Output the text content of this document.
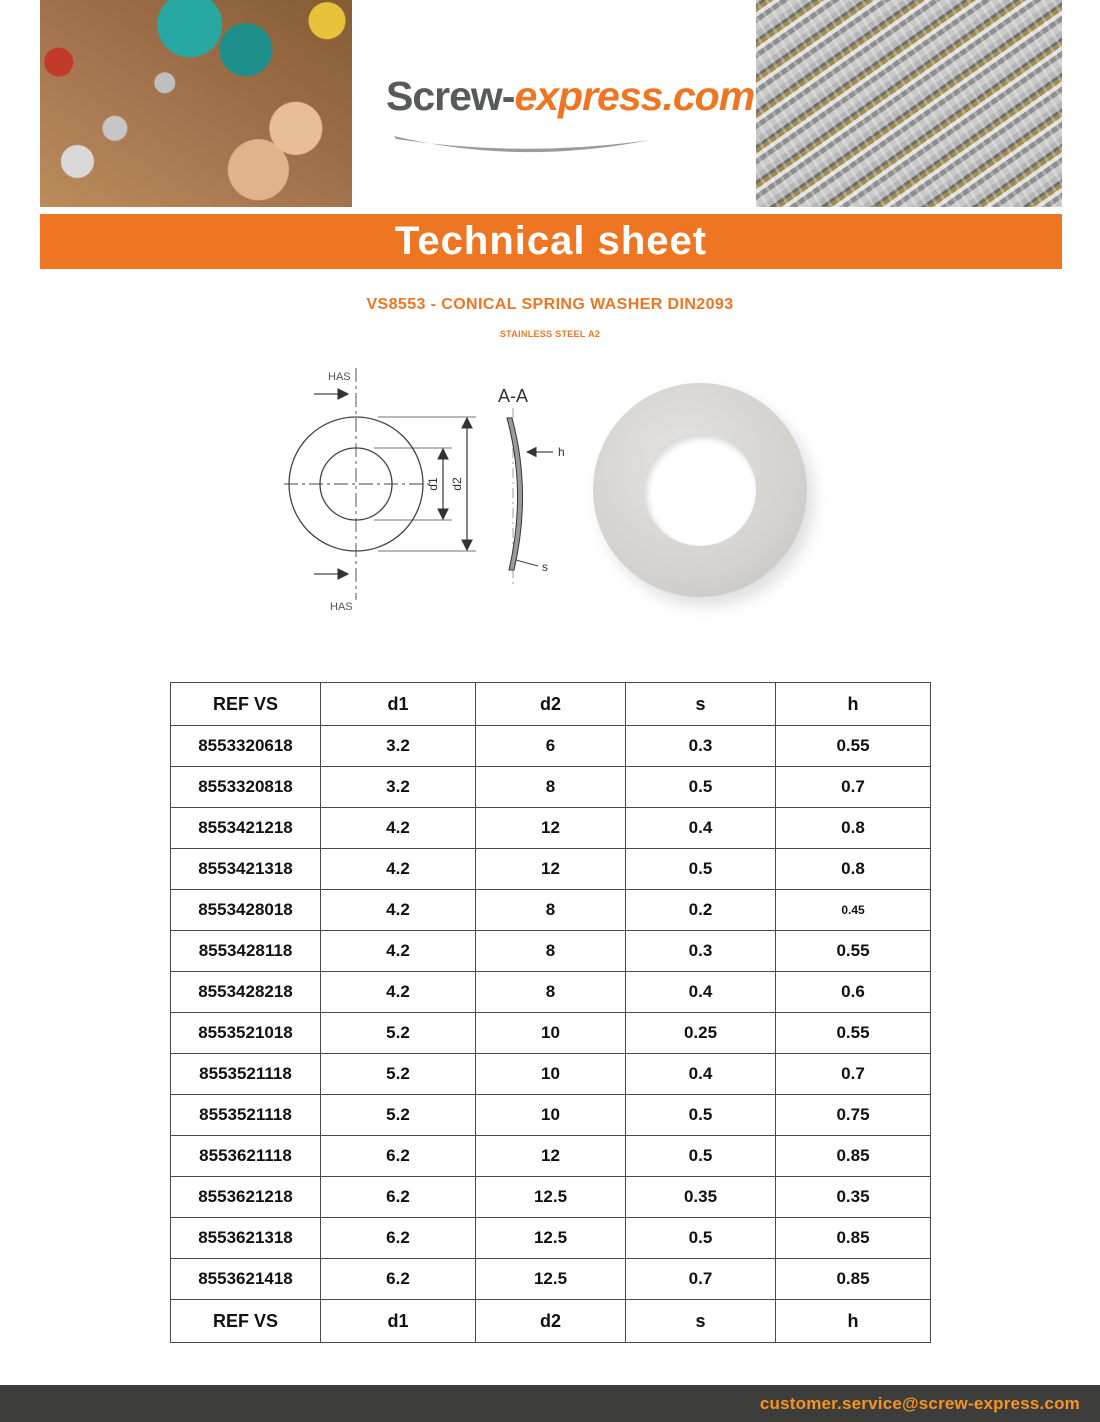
Screw-express.com
Technical sheet
VS8553 - CONICAL SPRING WASHER DIN2093
STAINLESS STEEL A2
HAS
HAS
A-A
d1 d2
h
s
REF VS	d1	d2	s	h
8553320618	3.2	6	0.3	0.55
8553320818	3.2	8	0.5	0.7
8553421218	4.2	12	0.4	0.8
8553421318	4.2	12	0.5	0.8
8553428018	4.2	8	0.2	0.45
8553428118	4.2	8	0.3	0.55
8553428218	4.2	8	0.4	0.6
8553521018	5.2	10	0.25	0.55
8553521118	5.2	10	0.4	0.7
8553521118	5.2	10	0.5	0.75
8553621118	6.2	12	0.5	0.85
8553621218	6.2	12.5	0.35	0.35
8553621318	6.2	12.5	0.5	0.85
8553621418	6.2	12.5	0.7	0.85
REF VS	d1	d2	s	h
customer.service@screw-express.com
